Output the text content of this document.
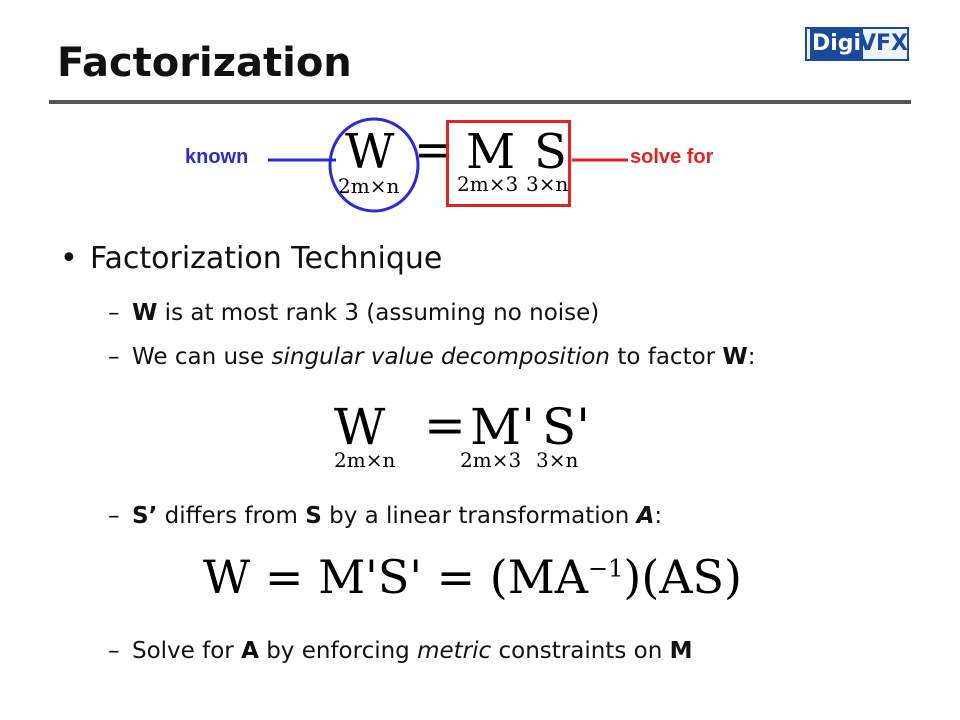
Factorization	Digi
VFX
known W
2m×n
= M S
2m×3 3×n
solve for
• Factorization Technique
– W is at most rank 3 (assuming no noise)
– We can use singular value decomposition to factor W:
W = M' S'
2m×n	2m×3 3×n
– S’ differs from S by a linear transformation A:
$W = M'S' = (MA^{-1})(AS)$
– Solve for A by enforcing metric constraints on M
